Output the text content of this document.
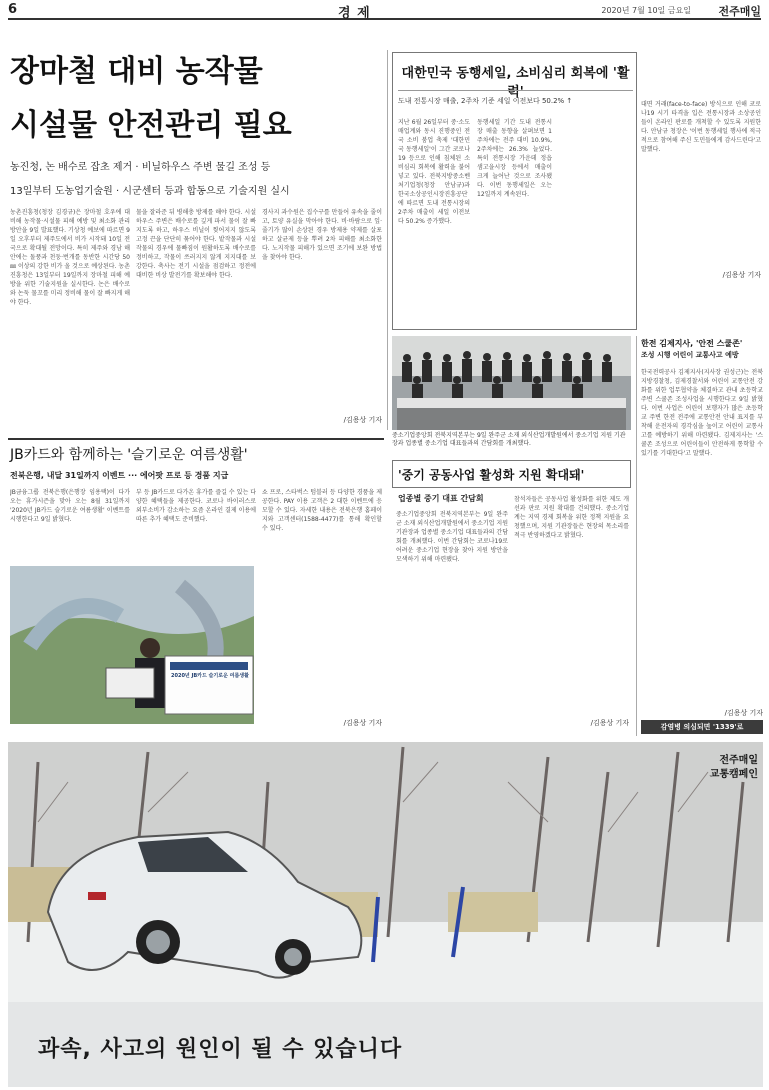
6	경 제	2020년 7월 10일 금요일 전주매일
장마철 대비 농작물
시설물 안전관리 필요
농진청, 논 배수로 잡초 제거 · 비닐하우스 주변 물길 조성 등
13일부터 도농업기술원 · 시군센터 등과 합동으로 기술지원 실시
농촌진흥청(청장 김경규)은 장마철 호우에 대비해 농작물·시설물 피해 예방 및 최소화 관리방안을 9일 발표했다. 기상청 예보에 따르면 9일 오후부터 제주도에서 비가 시작돼 10일 전국으로 확대될 전망이다. 특히 제주와 경남 해안에는 돌풍과 천둥·번개를 동반한 시간당 50㎜ 이상의 강한 비가 올 것으로 예상된다. 농촌진흥청은 13일부터 19일까지 장마철 피해 예방을 위한 기술지원을 실시한다. 논은 배수로와 논둑 물꼬를 미리 정비해 물이 잘 빠지게 해야 한다.
물을 잘라준 뒤 병해충 방제를 해야 한다. 시설하우스 주변은 배수로를 깊게 파서 물이 잘 빠지도록 하고, 하우스 비닐이 찢어지지 않도록 고정 끈을 단단히 묶어야 한다. 밭작물과 시설작물의 경우에 물빠짐이 원활하도록 배수로를 정비하고, 작물이 쓰러지지 않게 지지대를 보강한다. 축사는 전기 시설을 점검하고 정전에 대비한 비상 발전기를 확보해야 한다.
경사지 과수원은 집수구를 만들어 유속을 줄이고, 토양 유실을 막아야 한다. 비·바람으로 잎·줄기가 많이 손상된 경우 방제용 약제를 살포하고 살균제 등을 뿌려 2차 피해를 최소화한다. 노지작물 피해가 있으면 조기에 보완 방법을 찾아야 한다.
/김용상 기자
대한민국 동행세일, 소비심리 회복에 '활력'
도내 전통시장 매출, 2주차 기준 세일 이전보다 50.2% ↑
지난 6월 26일부터 중·소도매업계와 동시 진행중인 전국 소비 붐업 축제 '대한민국 동행세일'이 그간 코로나19 등으로 인해 침체된 소비심리 회복에 활력을 불어넣고 있다. 전북지방중소벤처기업청(청장 안남규)과 한국소상공인시장진흥공단에 따르면 도내 전통시장의 2주차 매출이 세일 이전보다 50.2% 증가했다.
동행세일 기간 도내 전통시장 매출 동향을 살펴보면 1주차에는 전주 대비 10.9%, 2주차에는 26.3% 늘었다. 특히 전통시장 가운데 정읍 샘고을시장 등에서 매출이 크게 늘어난 것으로 조사됐다. 이번 동행세일은 오는 12일까지 계속된다.
대면 거래(face-to-face) 방식으로 인해 코로나19 시기 타격을 입은 전통시장과 소상공인들이 온라인 판로를 개척할 수 있도록 지원한다. 안남규 청장은 '이번 동행세일 행사에 적극적으로 참여해 주신 도민들에게 감사드린다'고 말했다.
/김용상 기자
중소기업중앙회 전북지역본부는 9일 완주군 소재 외식산업개발원에서 중소기업 지원 기관장과 업종별 중소기업 대표들과의 간담회를 개최했다.
'중기 공동사업 활성화 지원 확대돼'
업종별 중기 대표 간담회
중소기업중앙회 전북지역본부는 9일 완주군 소재 외식산업개발원에서 중소기업 지원 기관장과 업종별 중소기업 대표들과의 간담회를 개최했다. 이번 간담회는 코로나19로 어려운 중소기업 현장을 찾아 지원 방안을 모색하기 위해 마련됐다.
참석자들은 공동사업 활성화를 위한 제도 개선과 판로 지원 확대를 건의했다. 중소기업계는 지역 경제 회복을 위한 정책 지원을 요청했으며, 지원 기관장들은 현장의 목소리를 적극 반영하겠다고 밝혔다.
/김용상 기자
JB카드와 함께하는 '슬기로운 여름생활'
전북은행, 내달 31일까지 이벤트 ··· 에어팟 프로 등 경품 지급
JB금융그룹 전북은행(은행장 임용택)이 다가오는 휴가시즌을 맞아 오는 8월 31일까지 '2020년 JB카드 슬기로운 여름생활' 이벤트를 시행한다고 9일 밝혔다.
부 등 JB카드로 다가온 휴가를 즐길 수 있는 다양한 혜택들을 제공한다. 코로나 바이러스로 외부소비가 감소하는 요즘 온라인 결제 이용에 따른 추가 혜택도 준비했다.
쇼 프로, 스타벅스 텀블러 등 다양한 경품을 제공한다. PAY 이용 고객은 2 대한 이벤트에 응모할 수 있다. 자세한 내용은 전북은행 홈페이지와 고객센터(1588-4477)를 통해 확인할 수 있다.
/김용상 기자
2020년 JB카드 슬기로운 여름생활
한전 김제지사, '안전 스쿨존'
조성 시행 어린이 교통사고 예방
한국전력공사 김제지사(지사장 권성근)는 전북지방경찰청, 김제경찰서와 어린이 교통안전 강화를 위한 업무협약을 체결하고 관내 초등학교 주변 스쿨존 조성사업을 시행한다고 9일 밝혔다. 이번 사업은 어린이 보행자가 많은 초등학교 주변 한전 전주에 교통안전 안내 표지를 부착해 운전자의 경각심을 높이고 어린이 교통사고를 예방하기 위해 마련됐다. 김제지사는 '스쿨존 조성으로 어린이들이 안전하게 통학할 수 있기를 기대한다'고 말했다.
/김용상 기자
감염병 의심되면 '1339'로
전주매일
교통캠페인
과속, 사고의 원인이 될 수 있습니다
